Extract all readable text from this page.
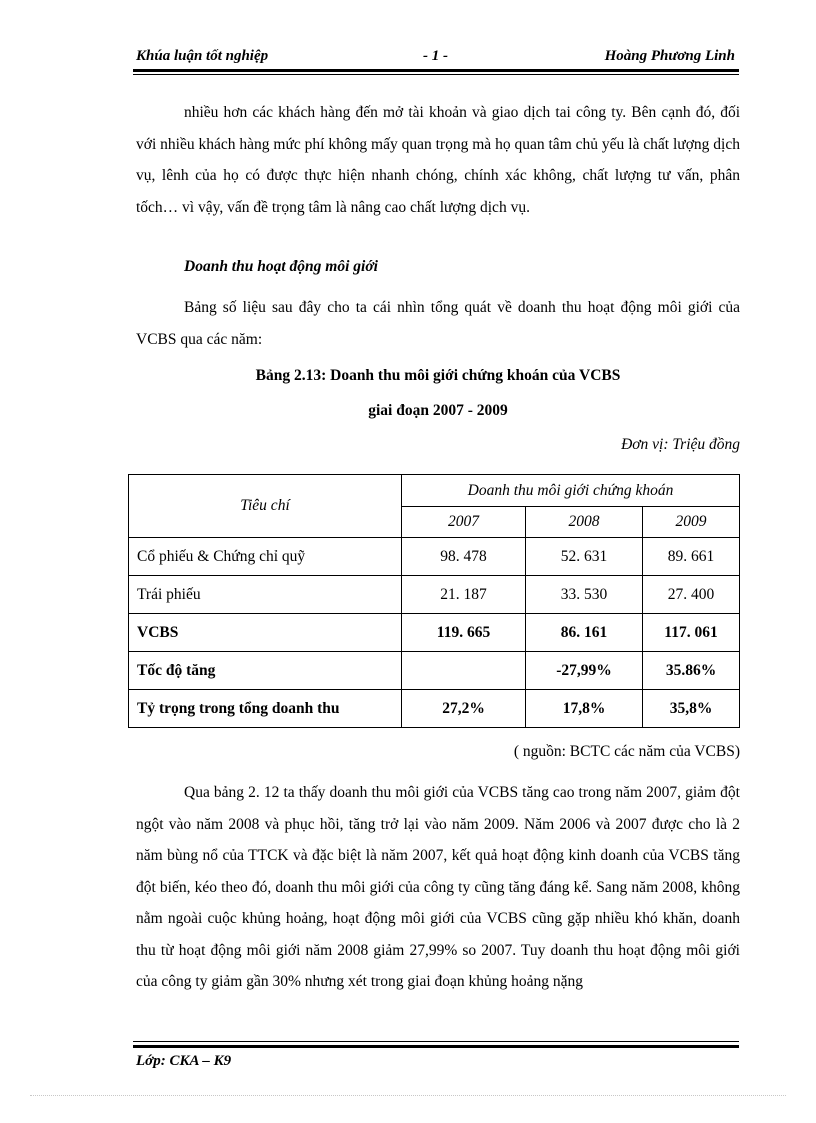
Khúa luận tốt nghiệp	- 1 -	Hoàng Phương Linh

nhiều hơn các khách hàng đến mở tài khoản và giao dịch tai công ty. Bên cạnh đó, đối với nhiều khách hàng mức phí không mấy quan trọng mà họ quan tâm chủ yếu là chất lượng dịch vụ, lênh của họ có được thực hiện nhanh chóng, chính xác không, chất lượng tư vấn, phân tốch… vì vậy, vấn đề trọng tâm là nâng cao chất lượng dịch vụ.

Doanh thu hoạt động môi giới

Bảng số liệu sau đây cho ta cái nhìn tổng quát về doanh thu hoạt động môi giới của VCBS qua các năm:

Bảng 2.13: Doanh thu môi giới chứng khoán của VCBS

giai đoạn 2007 - 2009

Đơn vị: Triệu đồng
Tiêu chí	Doanh thu môi giới chứng khoán		
	2007	2008	2009
Cổ phiếu & Chứng chỉ quỹ	98. 478	52. 631	89. 661
Trái phiếu	21. 187	33. 530	27. 400
VCBS	119. 665	86. 161	117. 061
Tốc độ tăng		-27,99%	35.86%
Tỷ trọng trong tổng doanh thu	27,2%	17,8%	35,8%
( nguồn: BCTC các năm của VCBS)

Qua bảng 2. 12 ta thấy doanh thu môi giới của VCBS tăng cao trong năm 2007, giảm đột ngột vào năm 2008 và phục hồi, tăng trở lại vào năm 2009. Năm 2006 và 2007 được cho là 2 năm bùng nổ của TTCK và đặc biệt là năm 2007, kết quả hoạt động kinh doanh của VCBS tăng đột biến, kéo theo đó, doanh thu môi giới của công ty cũng tăng đáng kể. Sang năm 2008, không nằm ngoài cuộc khủng hoảng, hoạt động môi giới của VCBS cũng gặp nhiều khó khăn, doanh thu từ hoạt động môi giới năm 2008 giảm 27,99% so 2007. Tuy doanh thu hoạt động môi giới của công ty giảm gần 30% nhưng xét trong giai đoạn khủng hoảng nặng

Lớp: CKA – K9
